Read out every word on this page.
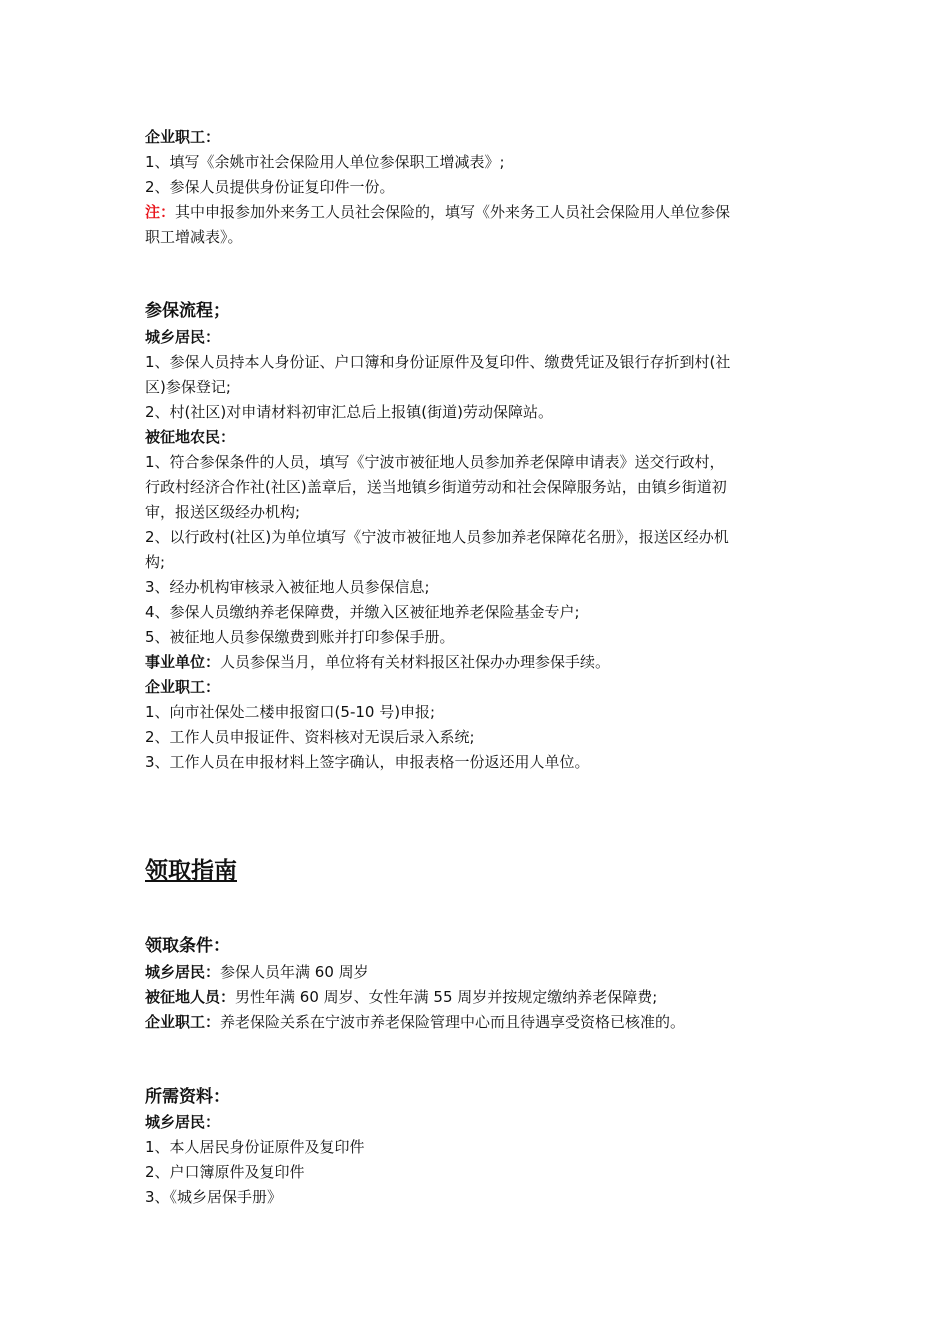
企业职工：
1、填写《余姚市社会保险用人单位参保职工增减表》;
2、参保人员提供身份证复印件一份。
注：其中申报参加外来务工人员社会保险的，填写《外来务工人员社会保险用人单位参保
职工增减表》。
参保流程；
城乡居民：
1、参保人员持本人身份证、户口簿和身份证原件及复印件、缴费凭证及银行存折到村(社
区)参保登记;
2、村(社区)对申请材料初审汇总后上报镇(街道)劳动保障站。
被征地农民：
1、符合参保条件的人员，填写《宁波市被征地人员参加养老保障申请表》送交行政村，
行政村经济合作社(社区)盖章后，送当地镇乡街道劳动和社会保障服务站，由镇乡街道初
审，报送区级经办机构;
2、以行政村(社区)为单位填写《宁波市被征地人员参加养老保障花名册》，报送区经办机
构;
3、经办机构审核录入被征地人员参保信息;
4、参保人员缴纳养老保障费，并缴入区被征地养老保险基金专户;
5、被征地人员参保缴费到账并打印参保手册。
事业单位：人员参保当月，单位将有关材料报区社保办办理参保手续。
企业职工：
1、向市社保处二楼申报窗口(5-10 号)申报;
2、工作人员申报证件、资料核对无误后录入系统;
3、工作人员在申报材料上签字确认，申报表格一份返还用人单位。
领取指南
领取条件：
城乡居民：参保人员年满 60 周岁
被征地人员：男性年满 60 周岁、女性年满 55 周岁并按规定缴纳养老保障费;
企业职工：养老保险关系在宁波市养老保险管理中心而且待遇享受资格已核准的。
所需资料：
城乡居民：
1、本人居民身份证原件及复印件
2、户口簿原件及复印件
3、《城乡居保手册》
